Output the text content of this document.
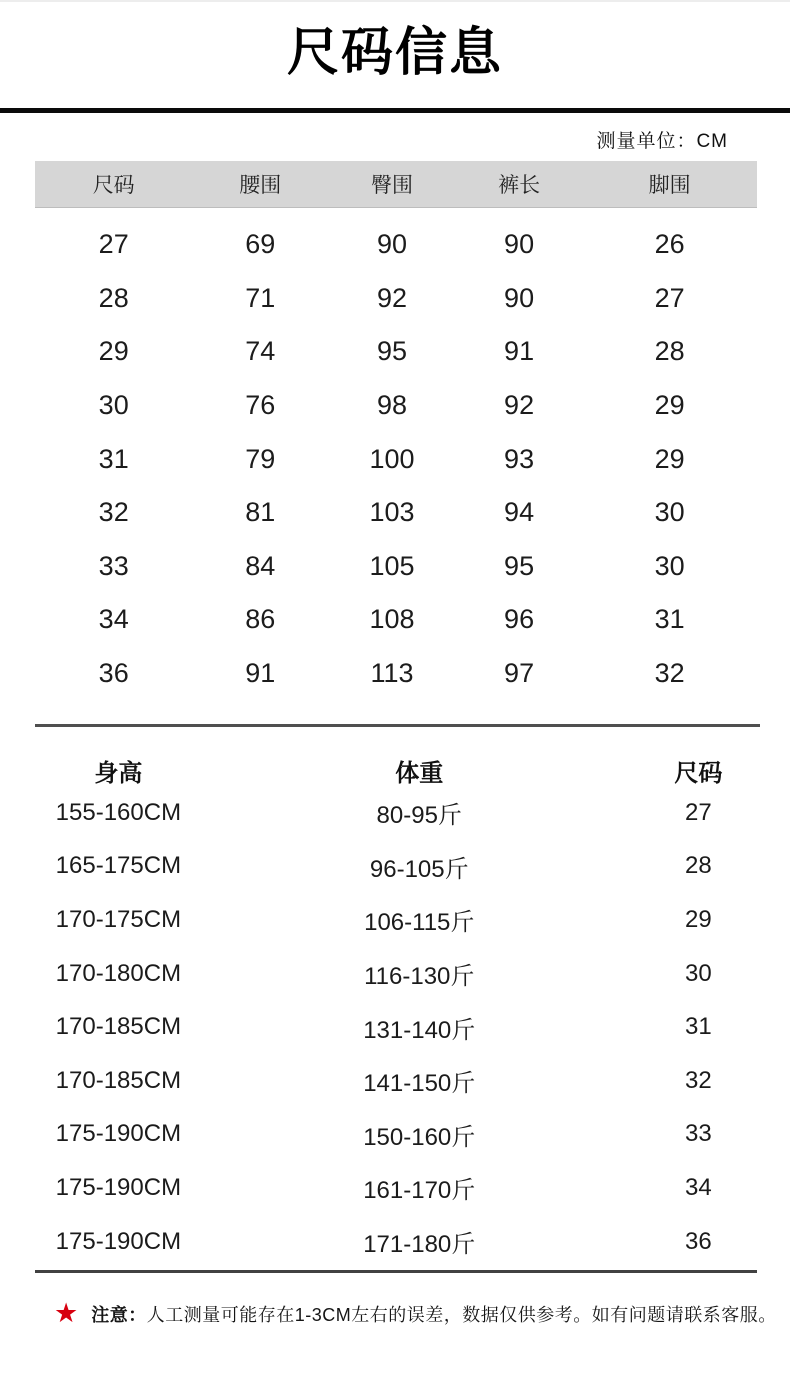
尺码信息
测量单位：CM
尺码	腰围	臀围	裤长	脚围
27	69	90	90	26
28	71	92	90	27
29	74	95	91	28
30	76	98	92	29
31	79	100	93	29
32	81	103	94	30
33	84	105	95	30
34	86	108	96	31
36	91	113	97	32
身高	体重	尺码
155-160CM	80-95斤	27
165-175CM	96-105斤	28
170-175CM	106-115斤	29
170-180CM	116-130斤	30
170-185CM	131-140斤	31
170-185CM	141-150斤	32
175-190CM	150-160斤	33
175-190CM	161-170斤	34
175-190CM	171-180斤	36
★ 注意：人工测量可能存在1-3CM左右的误差，数据仅供参考。如有问题请联系客服。
